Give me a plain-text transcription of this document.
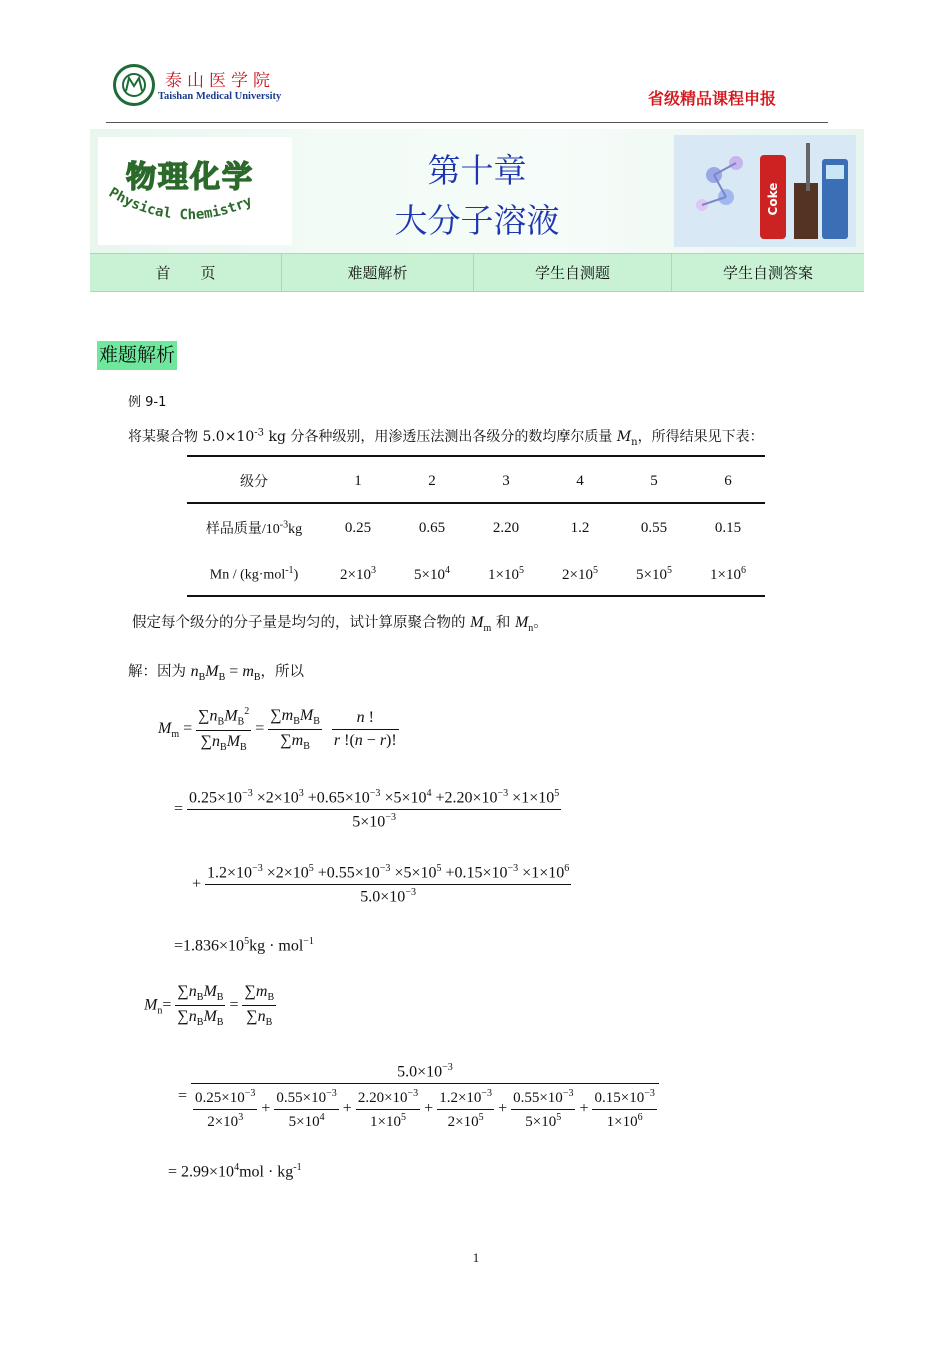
泰山医学院
Taishan Medical University	省级精品课程申报
物理化学
Physical Chemistry
第十章
大分子溶液
Coke
首　　页	难题解析	学生自测题	学生自测答案
难题解析
例 9-1
将某聚合物 $5.0\times 10^{-3}$ kg 分各种级别，用渗透压法测出各级分的数均摩尔质量 $M_n$，所得结果见下表：
级分	1	2	3	4	5	6
样品质量$/10^{-3}kg$	0.25	0.65	2.20	1.2	0.55	0.15
Mn / (kg·mol$^{-1}$)	$2\times 10^3$	$5\times 10^4$	$1\times 10^5$	$2\times 10^5$	$5\times 10^5$	$1\times 10^6$
假定每个级分的分子量是均匀的，试计算原聚合物的 $M_m$ 和 $M_n$。
解：因为 $n_BM_B = m_B$，所以
$M_m = \frac{\sum n_BM_B^2}{\sum n_BM_B} = \frac{\sum m_BM_B}{\sum m_B}$
$\frac{n !}{r !(n - r)!}$
= $\frac{0.25\times 10^{-3} \times 2\times 10^3 +0.65\times 10^{-3} \times 5\times 10^4 +2.20\times 10^{-3} \times 1\times 10^5}{5\times 10^{-3}}$
+ $\frac{1.2\times 10^{-3} \times 2\times 10^5 +0.55\times 10^{-3} \times 5\times 10^5 +0.15\times 10^{-3} \times 1\times 10^6}{5.0\times 10^{-3}}$
$=1.836\times 10^5kg \cdot mol^{-1}$
$M_n= \frac{\sum n_BM_B}{\sum n_BM_B} = \frac{\sum m_B}{\sum n_B}$
=
$5.0\times 10^{-3}$
$\frac{0.25\times 10^{-3}}{2\times 10^3} + \frac{0.55\times 10^{-3}}{5\times 10^4} + \frac{2.20\times 10^{-3}}{1\times 10^5} + \frac{1.2\times 10^{-3}}{2\times 10^5} + \frac{0.55\times 10^{-3}}{5\times 10^5} + \frac{0.15\times 10^{-3}}{1\times 10^6}$
= $2.99\times 10^4mol \cdot kg^{-1}$
1
